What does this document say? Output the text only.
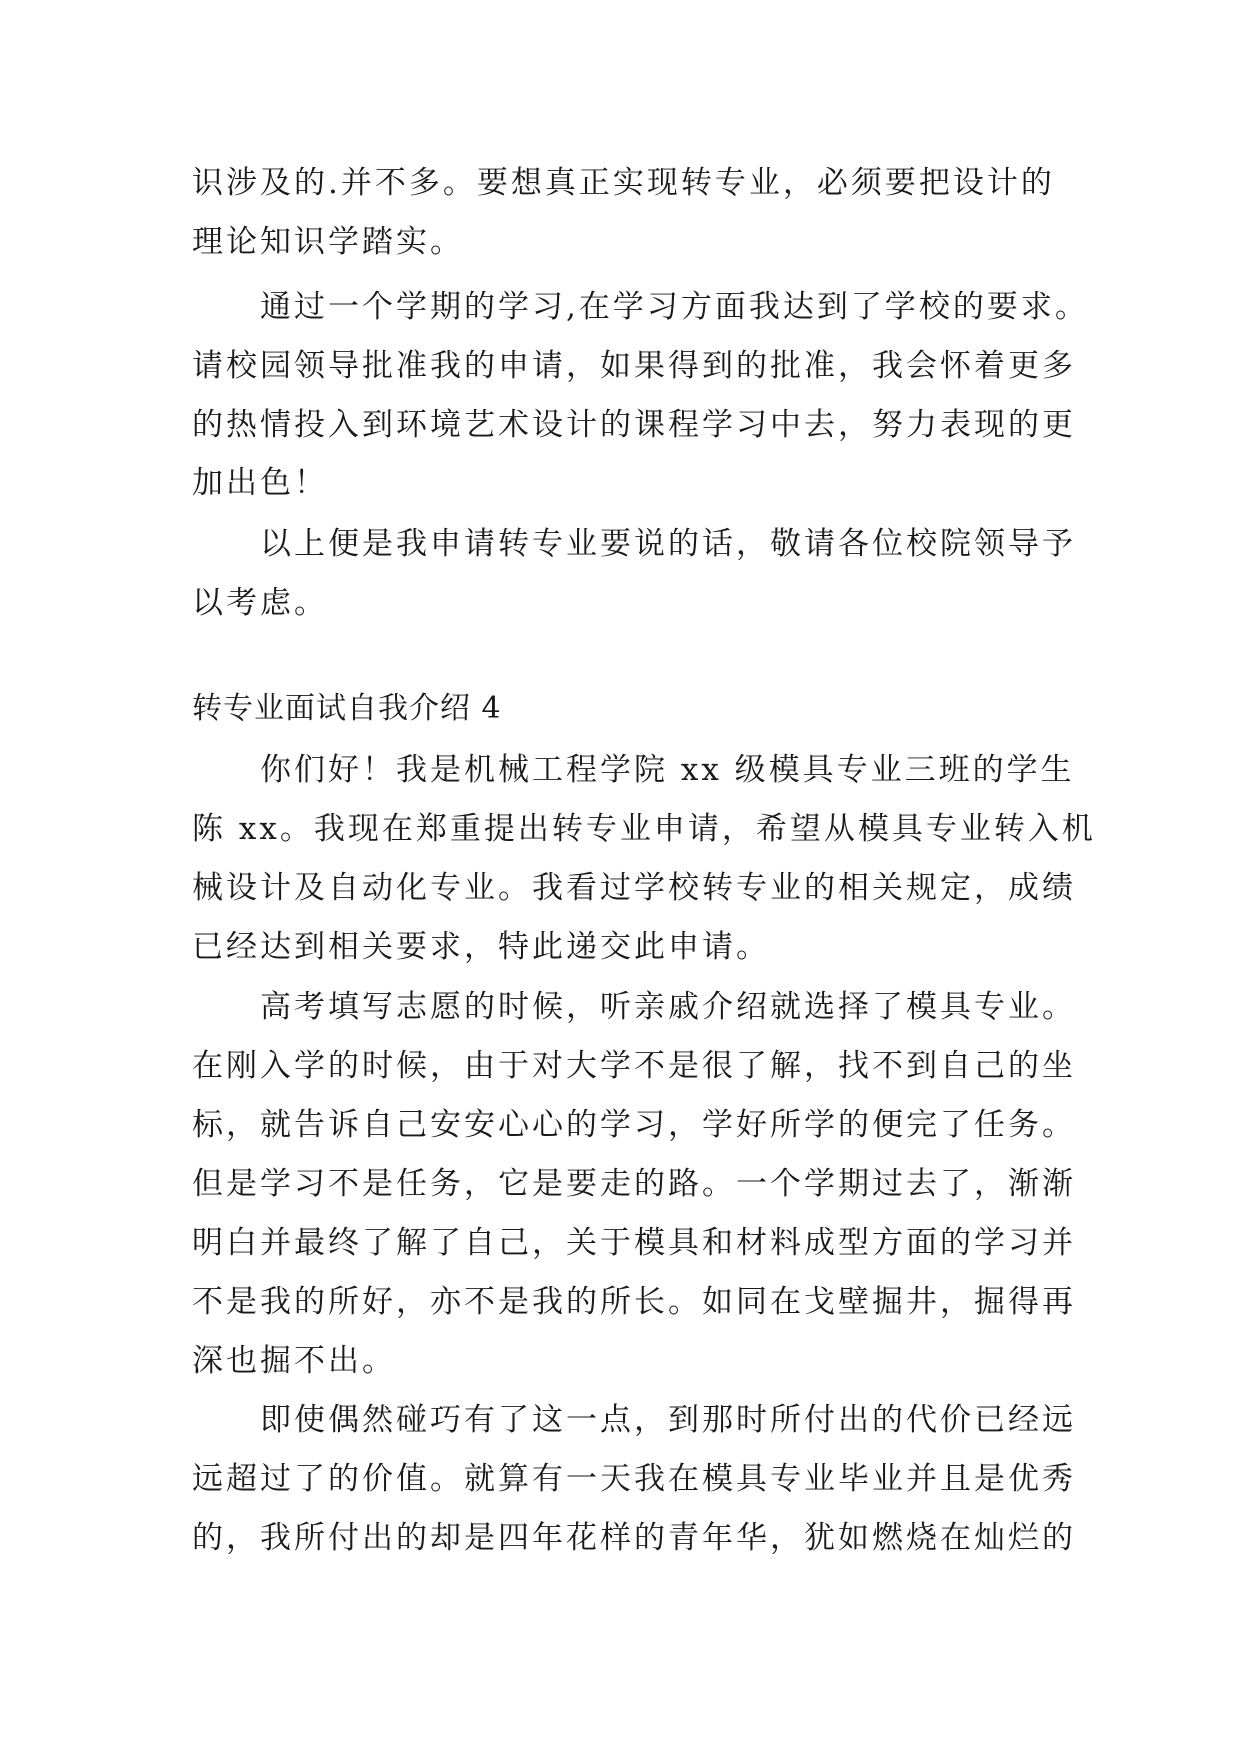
识涉及的.并不多。要想真正实现转专业，必须要把设计的
理论知识学踏实。
通过一个学期的学习,在学习方面我达到了学校的要求。
请校园领导批准我的申请，如果得到的批准，我会怀着更多
的热情投入到环境艺术设计的课程学习中去，努力表现的更
加出色！
以上便是我申请转专业要说的话，敬请各位校院领导予
以考虑。
转专业面试自我介绍 4
你们好！我是机械工程学院 xx 级模具专业三班的学生
陈 xx。我现在郑重提出转专业申请，希望从模具专业转入机
械设计及自动化专业。我看过学校转专业的相关规定，成绩
已经达到相关要求，特此递交此申请。
高考填写志愿的时候，听亲戚介绍就选择了模具专业。
在刚入学的时候，由于对大学不是很了解，找不到自己的坐
标，就告诉自己安安心心的学习，学好所学的便完了任务。
但是学习不是任务，它是要走的路。一个学期过去了，渐渐
明白并最终了解了自己，关于模具和材料成型方面的学习并
不是我的所好，亦不是我的所长。如同在戈壁掘井，掘得再
深也掘不出。
即使偶然碰巧有了这一点，到那时所付出的代价已经远
远超过了的价值。就算有一天我在模具专业毕业并且是优秀
的，我所付出的却是四年花样的青年华，犹如燃烧在灿烂的
